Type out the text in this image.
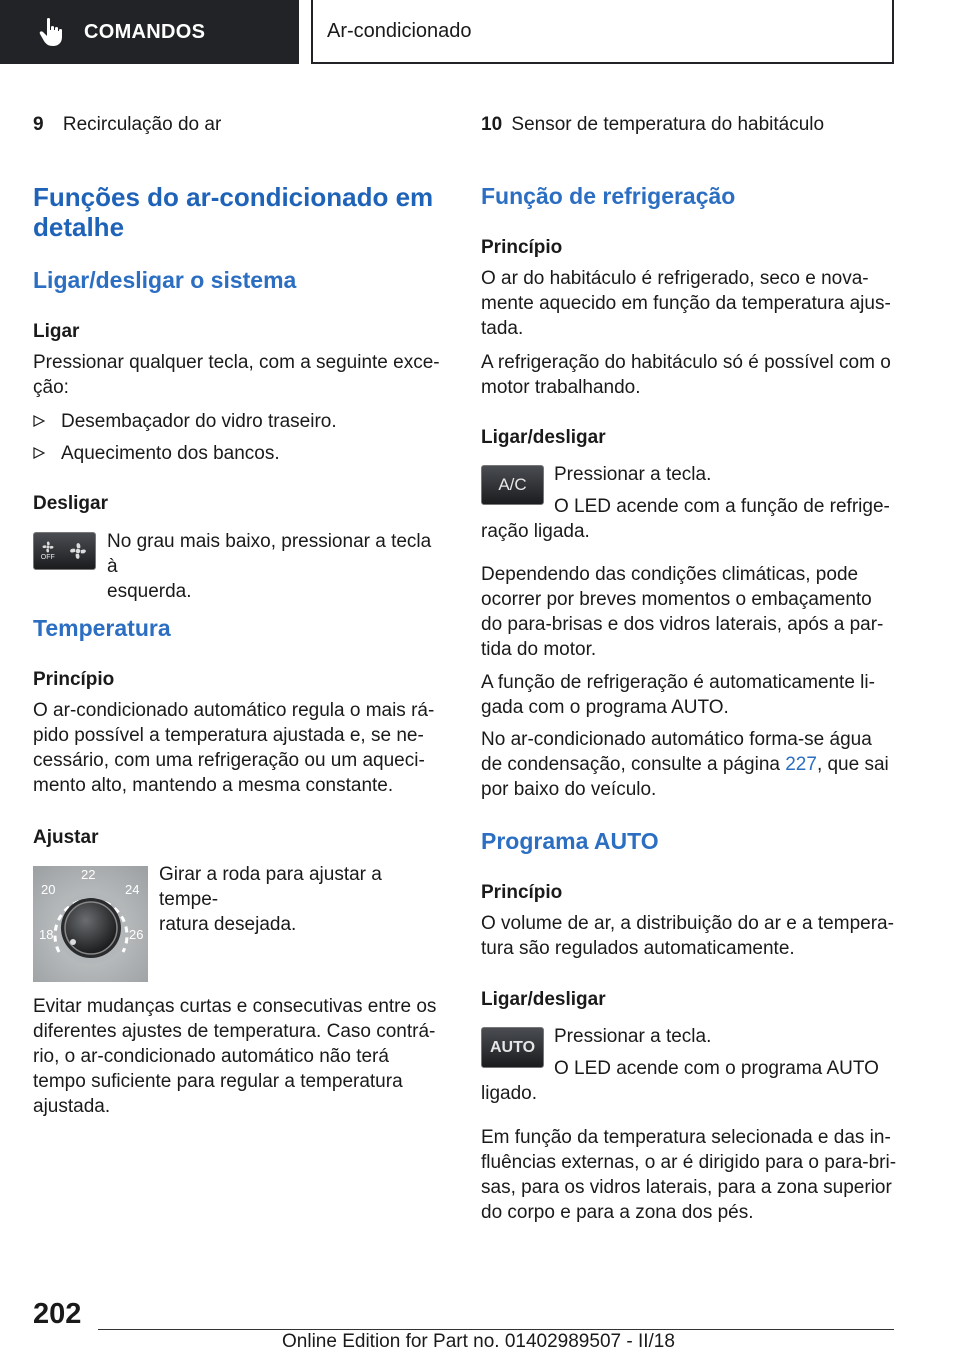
COMANDOS	Ar-condicionado
9 Recirculação do ar
Funções do ar-condicionado em
detalhe
Ligar/desligar o sistema
Ligar
Pressionar qualquer tecla, com a seguinte exce‐
ção:
Desembaçador do vidro traseiro.
Aquecimento dos bancos.
Desligar
OFF
No grau mais baixo, pressionar a tecla à
esquerda.
Temperatura
Princípio
O ar-condicionado automático regula o mais rá‐
pido possível a temperatura ajustada e, se ne‐
cessário, com uma refrigeração ou um aqueci‐
mento alto, mantendo a mesma constante.
Ajustar
18
20
22
24
26
Girar a roda para ajustar a tempe‐
ratura desejada.
Evitar mudanças curtas e consecutivas entre os
diferentes ajustes de temperatura. Caso contrá‐
rio, o ar-condicionado automático não terá
tempo suficiente para regular a temperatura
ajustada.
10 Sensor de temperatura do habitáculo
Função de refrigeração
Princípio
O ar do habitáculo é refrigerado, seco e nova‐
mente aquecido em função da temperatura ajus‐
tada.
A refrigeração do habitáculo só é possível com o
motor trabalhando.
Ligar/desligar
A/C Pressionar a tecla.
O LED acende com a função de refrige‐
ração ligada.
Dependendo das condições climáticas, pode
ocorrer por breves momentos o embaçamento
do para-brisas e dos vidros laterais, após a par‐
tida do motor.
A função de refrigeração é automaticamente li‐
gada com o programa AUTO.
No ar-condicionado automático forma-se água
de condensação, consulte a página 227, que sai
por baixo do veículo.
Programa AUTO
Princípio
O volume de ar, a distribuição do ar e a tempera‐
tura são regulados automaticamente.
Ligar/desligar
AUTO Pressionar a tecla.
O LED acende com o programa AUTO
ligado.
Em função da temperatura selecionada e das in‐
fluências externas, o ar é dirigido para o para-bri‐
sas, para os vidros laterais, para a zona superior
do corpo e para a zona dos pés.
202
Online Edition for Part no. 01402989507 - II/18
